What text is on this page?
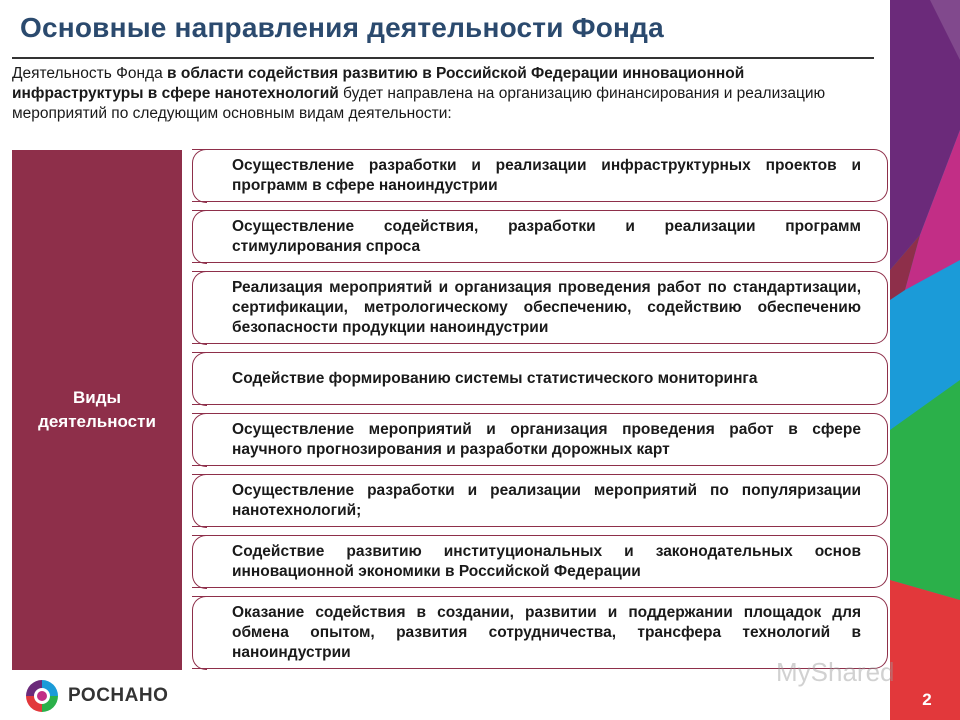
Основные направления деятельности Фонда
Деятельность Фонда в области содействия развитию в Российской Федерации инновационной инфраструктуры в сфере нанотехнологий будет направлена на организацию финансирования и реализацию мероприятий по следующим основным видам деятельности:
Виды деятельности
Осуществление разработки и реализации инфраструктурных проектов и программ в сфере наноиндустрии
Осуществление содействия, разработки и реализации программ стимулирования спроса
Реализация мероприятий и организация проведения работ по стандартизации, сертификации, метрологическому обеспечению, содействию обеспечению безопасности продукции наноиндустрии
Содействие формированию системы статистического мониторинга
Осуществление мероприятий и организация проведения работ в сфере научного прогнозирования и разработки дорожных карт
Осуществление разработки и реализации мероприятий по популяризации нанотехнологий;
Содействие развитию институциональных и законодательных основ инновационной экономики в Российской Федерации
Оказание содействия в создании, развитии и поддержании площадок для обмена опытом, развития сотрудничества, трансфера технологий в наноиндустрии
РОСНАНО
MyShared
2
